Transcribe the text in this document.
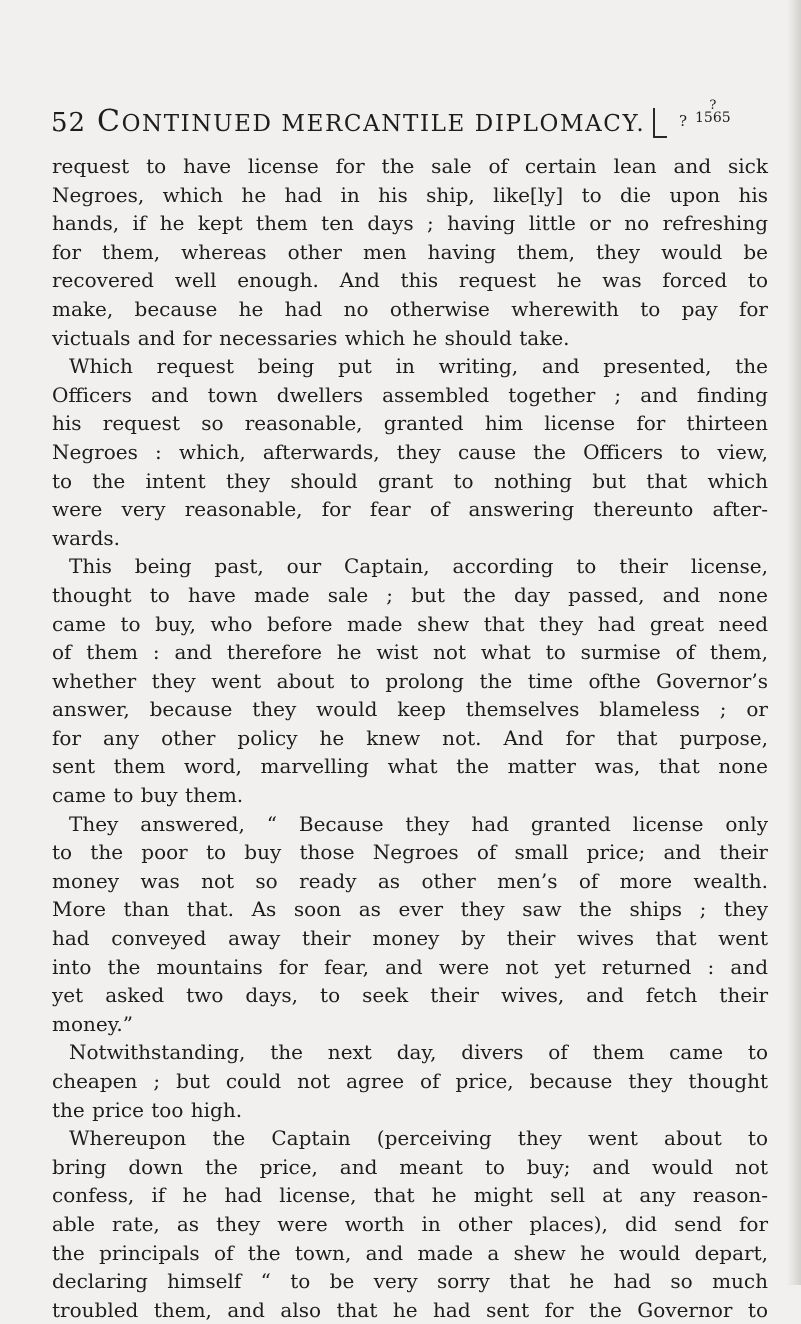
52 CONTINUED MERCANTILE DIPLOMACY. ?
?
1565
request to have license for the sale of certain lean and sick
Negroes, which he had in his ship, like[ly] to die upon his
hands, if he kept them ten days ; having little or no refreshing
for them, whereas other men having them, they would be
recovered well enough. And this request he was forced to
make, because he had no otherwise wherewith to pay for
victuals and for necessaries which he should take.
Which request being put in writing, and presented, the
Officers and town dwellers assembled together ; and finding
his request so reasonable, granted him license for thirteen
Negroes : which, afterwards, they cause the Officers to view,
to the intent they should grant to nothing but that which
were very reasonable, for fear of answering thereunto after-
wards.
This being past, our Captain, according to their license,
thought to have made sale ; but the day passed, and none
came to buy, who before made shew that they had great need
of them : and therefore he wist not what to surmise of them,
whether they went about to prolong the time ofthe Governor’s
answer, because they would keep themselves blameless ; or
for any other policy he knew not. And for that purpose,
sent them word, marvelling what the matter was, that none
came to buy them.
They answered, “ Because they had granted license only
to the poor to buy those Negroes of small price; and their
money was not so ready as other men’s of more wealth.
More than that. As soon as ever they saw the ships ; they
had conveyed away their money by their wives that went
into the mountains for fear, and were not yet returned : and
yet asked two days, to seek their wives, and fetch their
money.”
Notwithstanding, the next day, divers of them came to
cheapen ; but could not agree of price, because they thought
the price too high.
Whereupon the Captain (perceiving they went about to
bring down the price, and meant to buy; and would not
confess, if he had license, that he might sell at any reason-
able rate, as they were worth in other places), did send for
the principals of the town, and made a shew he would depart,
declaring himself “ to be very sorry that he had so much
troubled them, and also that he had sent for the Governor to
